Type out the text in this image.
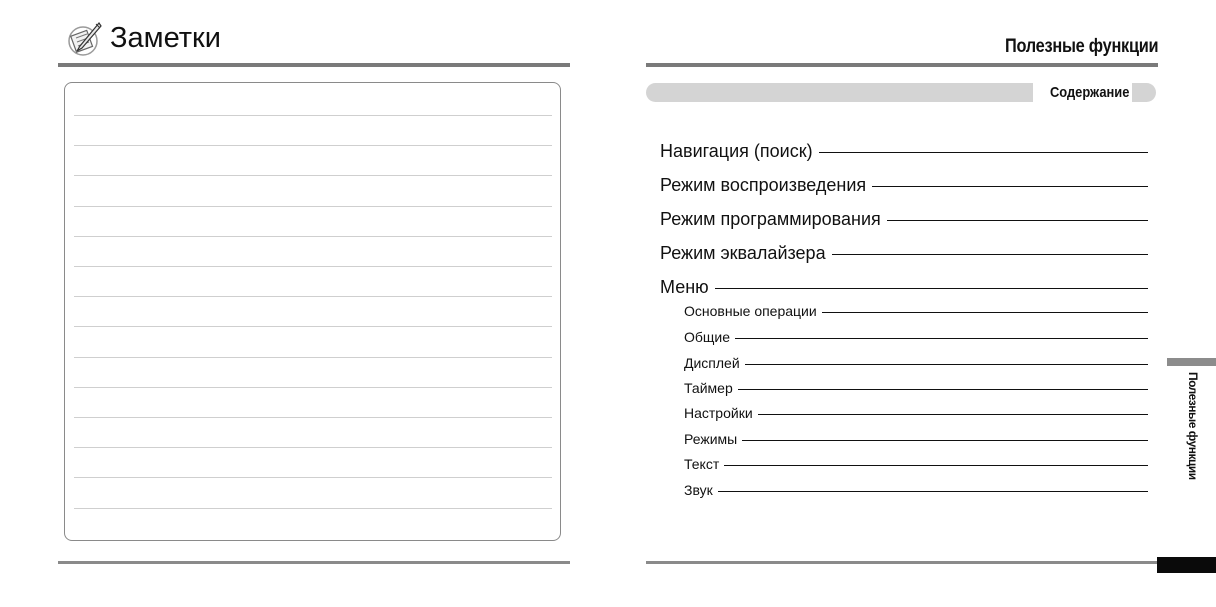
Заметки	Полезные функции
Содержание
Навигация (поиск)
Режим воспроизведения
Режим программирования
Режим эквалайзера
Меню
Основные операции
Общие
Дисплей
Таймер
Настройки
Режимы
Текст
Звук
Полезные функции
